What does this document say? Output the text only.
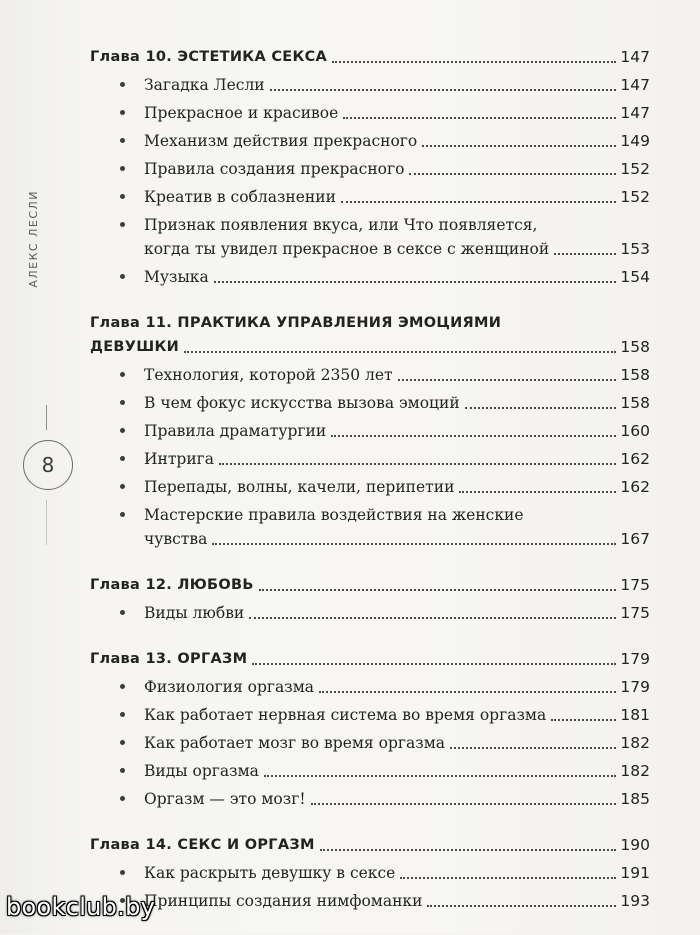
АЛЕКС ЛЕСЛИ
8
Глава 10. ЭСТЕТИКА СЕКСА	147
Загадка Лесли	147
Прекрасное и красивое	147
Механизм действия прекрасного	149
Правила создания прекрасного	152
Креатив в соблазнении	152
Признак появления вкуса, или Что появляется,
когда ты увидел прекрасное в сексе с женщиной	153
Музыка	154
Глава 11. ПРАКТИКА УПРАВЛЕНИЯ ЭМОЦИЯМИ
ДЕВУШКИ	158
Технология, которой 2350 лет	158
В чем фокус искусства вызова эмоций	158
Правила драматургии	160
Интрига	162
Перепады, волны, качели, перипетии	162
Мастерские правила воздействия на женские
чувства	167
Глава 12. ЛЮБОВЬ	175
Виды любви	175
Глава 13. ОРГАЗМ	179
Физиология оргазма	179
Как работает нервная система во время оргазма	181
Как работает мозг во время оргазма	182
Виды оргазма	182
Оргазм — это мозг!	185
Глава 14. СЕКС И ОРГАЗМ	190
Как раскрыть девушку в сексе	191
Принципы создания нимфоманки	193
bookclub.by
